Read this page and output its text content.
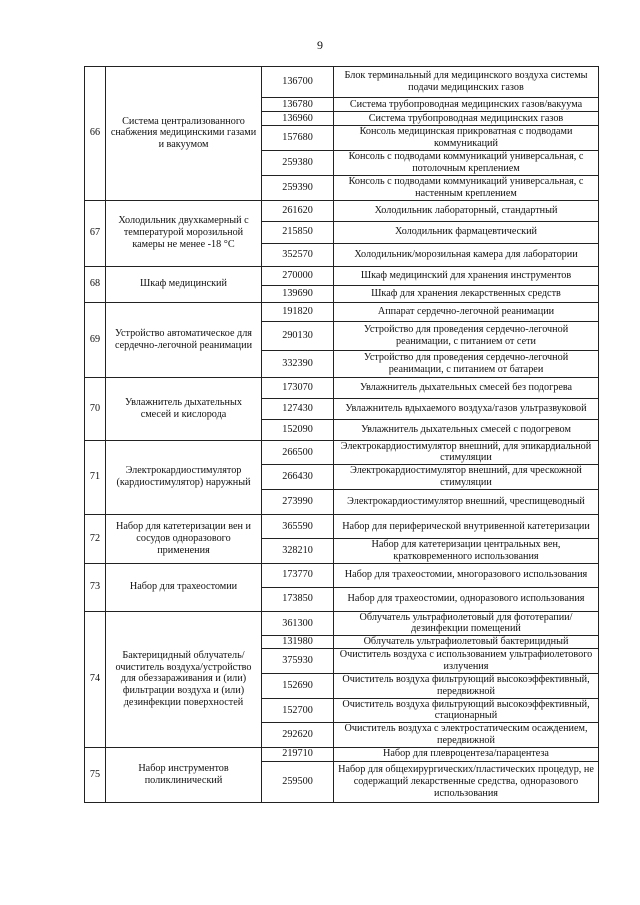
9
66	Система централизованного снабжения медицинскими газами и вакуумом	136700	Блок терминальный для медицинского воздуха системы подачи медицинских газов
		136780	Система трубопроводная медицинских газов/вакуума
		136960	Система трубопроводная медицинских газов
		157680	Консоль медицинская прикроватная с подводами коммуникаций
		259380	Консоль с подводами коммуникаций универсальная, с потолочным креплением
		259390	Консоль с подводами коммуникаций универсальная, с настенным креплением
67	Холодильник двухкамерный с температурой морозильной камеры не менее -18 °С	261620	Холодильник лабораторный, стандартный
		215850	Холодильник фармацевтический
		352570	Холодильник/морозильная камера для лаборатории
68	Шкаф медицинский	270000	Шкаф медицинский для хранения инструментов
		139690	Шкаф для хранения лекарственных средств
69	Устройство автоматическое для сердечно-легочной реанимации	191820	Аппарат сердечно-легочной реанимации
		290130	Устройство для проведения сердечно-легочной реанимации, с питанием от сети
		332390	Устройство для проведения сердечно-легочной реанимации, с питанием от батареи
70	Увлажнитель дыхательных смесей и кислорода	173070	Увлажнитель дыхательных смесей без подогрева
		127430	Увлажнитель вдыхаемого воздуха/газов ультразвуковой
		152090	Увлажнитель дыхательных смесей с подогревом
71	Электрокардиостимулятор (кардиостимулятор) наружный	266500	Электрокардиостимулятор внешний, для эпикардиальной стимуляции
		266430	Электрокардиостимулятор внешний, для чрескожной стимуляции
		273990	Электрокардиостимулятор внешний, чреспищеводный
72	Набор для катетеризации вен и сосудов одноразового применения	365590	Набор для периферической внутривенной катетеризации
		328210	Набор для катетеризации центральных вен, кратковременного использования
73	Набор для трахеостомии	173770	Набор для трахеостомии, многоразового использования
		173850	Набор для трахеостомии, одноразового использования
74	Бактерицидный облучатель/очиститель воздуха/устройство для обеззараживания и (или) фильтрации воздуха и (или) дезинфекции поверхностей	361300	Облучатель ультрафиолетовый для фототерапии/дезинфекции помещений
		131980	Облучатель ультрафиолетовый бактерицидный
		375930	Очиститель воздуха с использованием ультрафиолетового излучения
		152690	Очиститель воздуха фильтрующий высокоэффективный, передвижной
		152700	Очиститель воздуха фильтрующий высокоэффективный, стационарный
		292620	Очиститель воздуха с электростатическим осаждением, передвижной
75	Набор инструментов поликлинический	219710	Набор для плевроцентеза/парацентеза
		259500	Набор для общехирургических/пластических процедур, не содержащий лекарственные средства, одноразового использования
